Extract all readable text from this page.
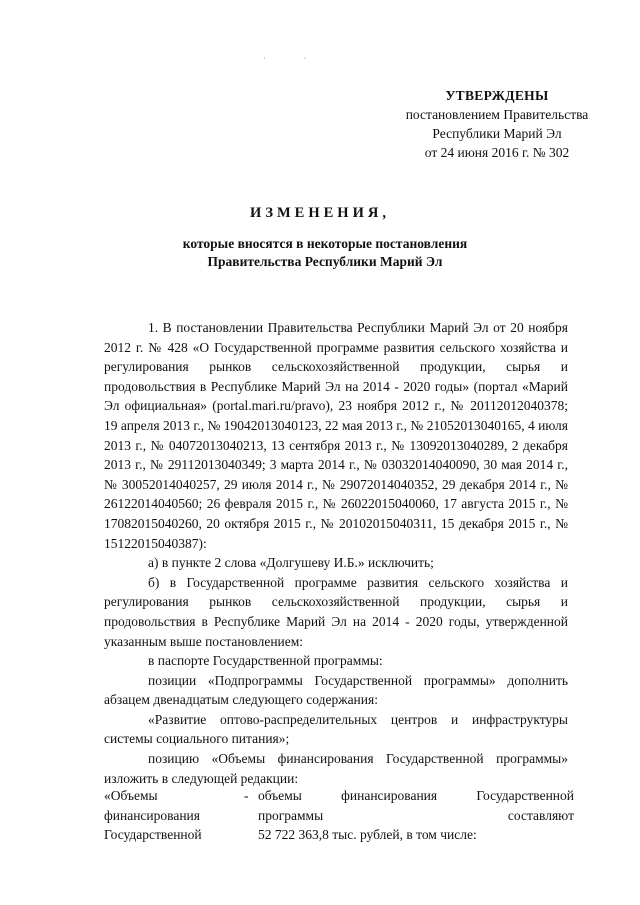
· ·
УТВЕРЖДЕНЫ
постановлением Правительства
Республики Марий Эл
от 24 июня 2016 г. № 302
ИЗМЕНЕНИЯ,
которые вносятся в некоторые постановления
Правительства Республики Марий Эл

1. В постановлении Правительства Республики Марий Эл от 20 ноября 2012 г. № 428 «О Государственной программе развития сельского хозяйства и регулирования рынков сельскохозяйственной продукции, сырья и продовольствия в Республике Марий Эл на 2014 - 2020 годы» (портал «Марий Эл официальная» (portal.mari.ru/pravo), 23 ноября 2012 г., № 20112012040378; 19 апреля 2013 г., № 19042013040123, 22 мая 2013 г., № 21052013040165, 4 июля 2013 г., № 04072013040213, 13 сентября 2013 г., № 13092013040289, 2 декабря 2013 г., № 29112013040349; 3 марта 2014 г., № 03032014040090, 30 мая 2014 г., № 30052014040257, 29 июля 2014 г., № 29072014040352, 29 декабря 2014 г., № 26122014040560; 26 февраля 2015 г., № 26022015040060, 17 августа 2015 г., № 17082015040260, 20 октября 2015 г., № 20102015040311, 15 декабря 2015 г., № 15122015040387):

а) в пункте 2 слова «Долгушеву И.Б.» исключить;

б) в Государственной программе развития сельского хозяйства и регулирования рынков сельскохозяйственной продукции, сырья и продовольствия в Республике Марий Эл на 2014 - 2020 годы, утвержденной указанным выше постановлением:

в паспорте Государственной программы:

позиции «Подпрограммы Государственной программы» дополнить абзацем двенадцатым следующего содержания:

«Развитие оптово-распределительных центров и инфраструктуры системы социального питания»;

позицию «Объемы финансирования Государственной программы» изложить в следующей редакции:

«Объемы	- объемы финансирования Государственной
финансирования	программы составляют
Государственной	52 722 363,8 тыс. рублей, в том числе:
